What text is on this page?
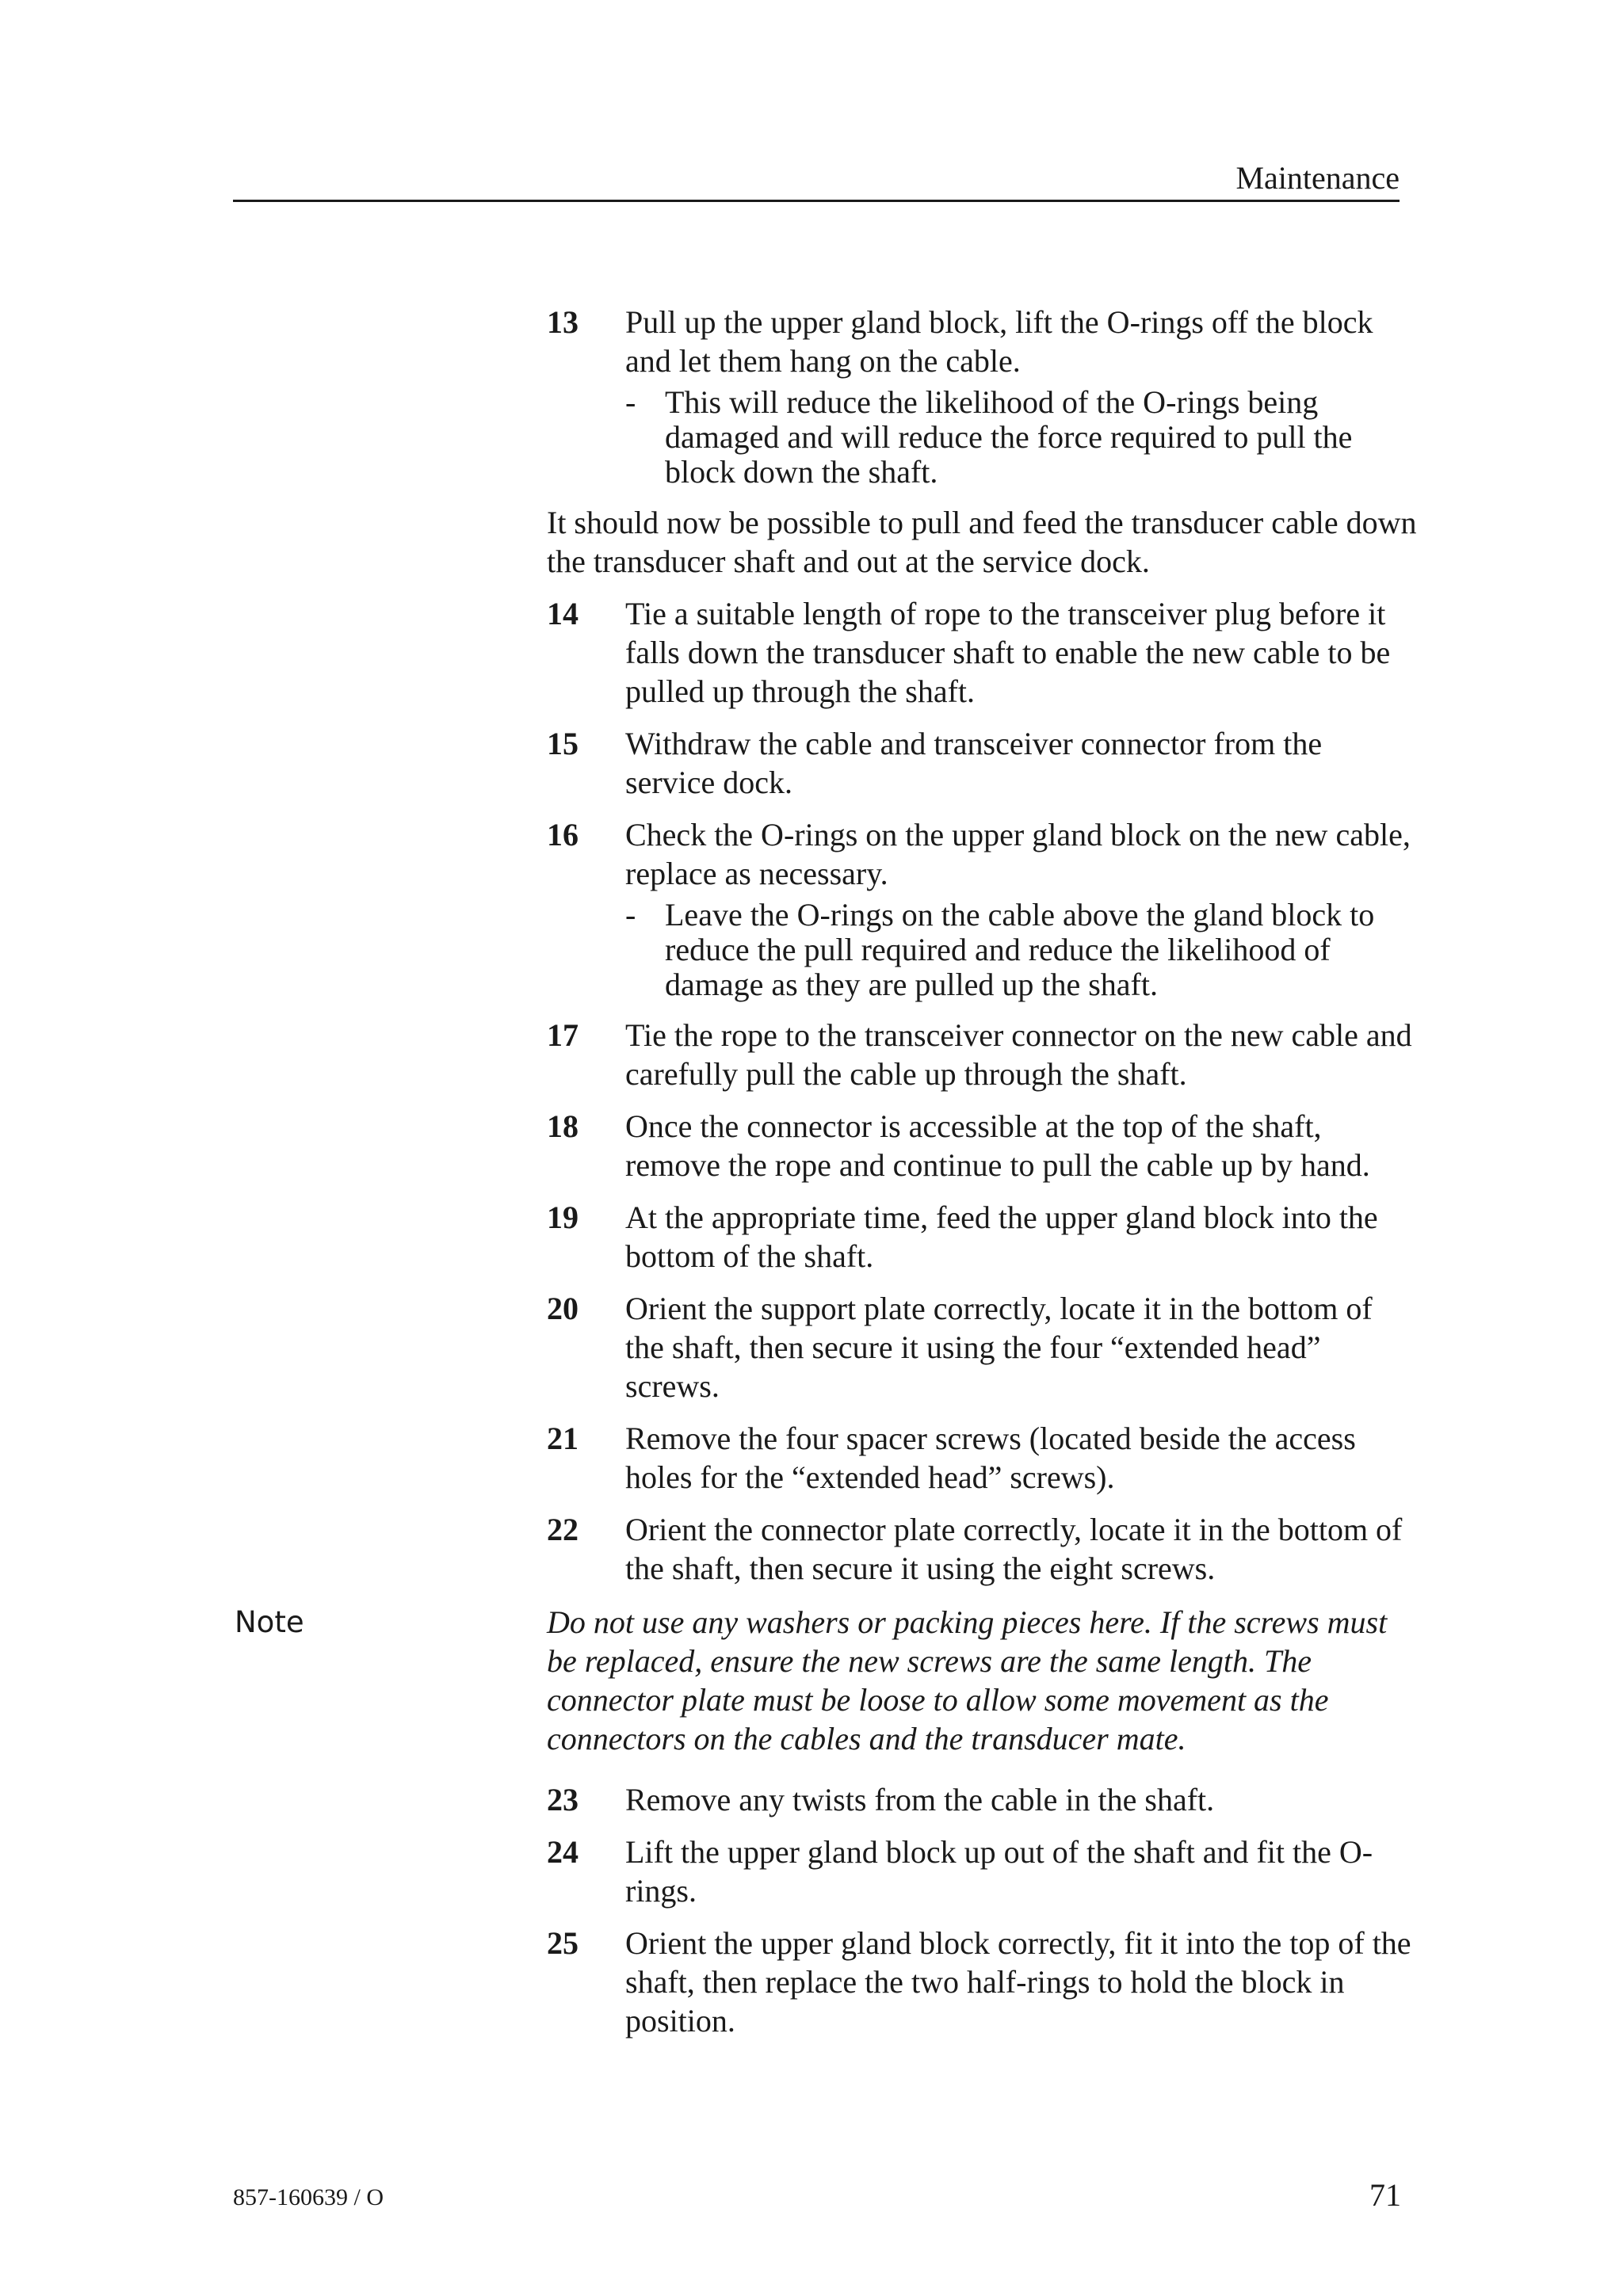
Maintenance
13 Pull up the upper gland block, lift the O-rings off the block and let them hang on the cable.
- This will reduce the likelihood of the O-rings being damaged and will reduce the force required to pull the block down the shaft.
It should now be possible to pull and feed the transducer cable down the transducer shaft and out at the service dock.
14 Tie a suitable length of rope to the transceiver plug before it falls down the transducer shaft to enable the new cable to be pulled up through the shaft.
15 Withdraw the cable and transceiver connector from the service dock.
16 Check the O-rings on the upper gland block on the new cable, replace as necessary.
- Leave the O-rings on the cable above the gland block to reduce the pull required and reduce the likelihood of damage as they are pulled up the shaft.
17 Tie the rope to the transceiver connector on the new cable and carefully pull the cable up through the shaft.
18 Once the connector is accessible at the top of the shaft, remove the rope and continue to pull the cable up by hand.
19 At the appropriate time, feed the upper gland block into the bottom of the shaft.
20 Orient the support plate correctly, locate it in the bottom of the shaft, then secure it using the four “extended head” screws.
21 Remove the four spacer screws (located beside the access holes for the “extended head” screws).
22 Orient the connector plate correctly, locate it in the bottom of the shaft, then secure it using the eight screws.
Note	Do not use any washers or packing pieces here. If the screws must be replaced, ensure the new screws are the same length. The connector plate must be loose to allow some movement as the connectors on the cables and the transducer mate.
23 Remove any twists from the cable in the shaft.
24 Lift the upper gland block up out of the shaft and fit the O-rings.
25 Orient the upper gland block correctly, fit it into the top of the shaft, then replace the two half-rings to hold the block in position.
857-160639 / O	71
